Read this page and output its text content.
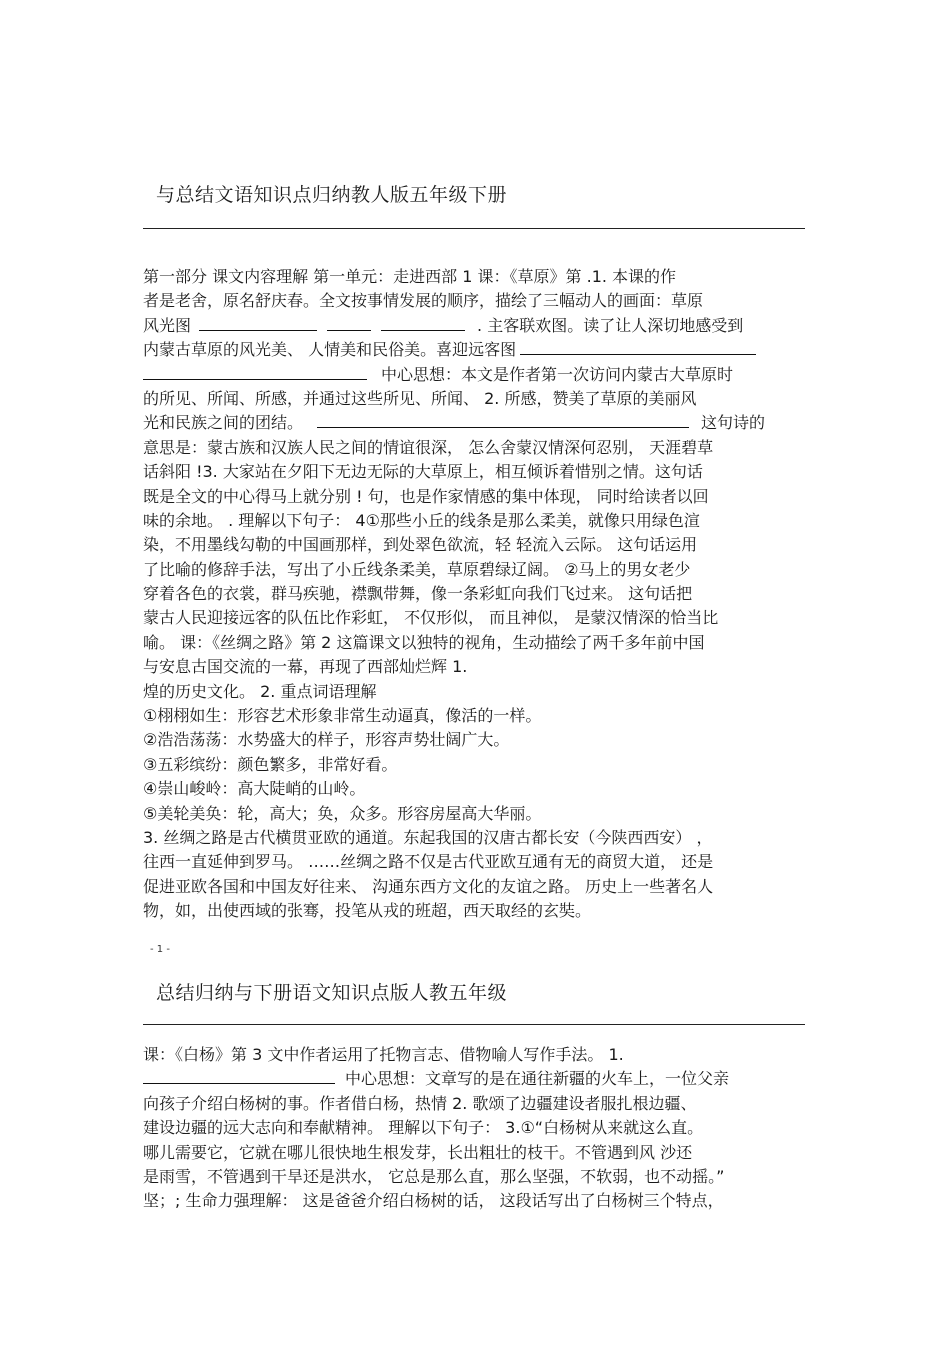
与总结文语知识点归纳教人版五年级下册
第一部分 课文内容理解 第一单元：走进西部 1 课：《草原》第 .1. 本课的作
者是老舍，原名舒庆春。全文按事情发展的顺序，描绘了三幅动人的画面：草原
风光图	. 主客联欢图。读了让人深切地感受到
内蒙古草原的风光美、 人情美和民俗美。喜迎远客图
中心思想：本文是作者第一次访问内蒙古大草原时
的所见、所闻、所感，并通过这些所见、所闻、 2. 所感，赞美了草原的美丽风
光和民族之间的团结。	这句诗的
意思是：蒙古族和汉族人民之间的情谊很深， 怎么舍蒙汉情深何忍别， 天涯碧草
话斜阳 !3. 大家站在夕阳下无边无际的大草原上，相互倾诉着惜别之情。这句话
既是全文的中心得马上就分别 ! 句，也是作家情感的集中体现， 同时给读者以回
味的余地。 . 理解以下句子： 4①那些小丘的线条是那么柔美，就像只用绿色渲
染，不用墨线勾勒的中国画那样，到处翠色欲流，轻 轻流入云际。 这句话运用
了比喻的修辞手法，写出了小丘线条柔美，草原碧绿辽阔。 ②马上的男女老少
穿着各色的衣裳，群马疾驰，襟飘带舞，像一条彩虹向我们飞过来。 这句话把
蒙古人民迎接远客的队伍比作彩虹， 不仅形似， 而且神似， 是蒙汉情深的恰当比
喻。 课：《丝绸之路》第 2 这篇课文以独特的视角，生动描绘了两千多年前中国
与安息古国交流的一幕，再现了西部灿烂辉 1.
煌的历史文化。 2. 重点词语理解
①栩栩如生：形容艺术形象非常生动逼真，像活的一样。
②浩浩荡荡：水势盛大的样子，形容声势壮阔广大。
③五彩缤纷：颜色繁多，非常好看。
④崇山峻岭：高大陡峭的山岭。
⑤美轮美奂：轮，高大；奂，众多。形容房屋高大华丽。
3. 丝绸之路是古代横贯亚欧的通道。东起我国的汉唐古都长安（今陕西西安） ，
往西一直延伸到罗马。 ……丝绸之路不仅是古代亚欧互通有无的商贸大道， 还是
促进亚欧各国和中国友好往来、 沟通东西方文化的友谊之路。 历史上一些著名人
物，如，出使西域的张骞，投笔从戎的班超，西天取经的玄奘。
- 1 -
总结归纳与下册语文知识点版人教五年级
课：《白杨》第 3 文中作者运用了托物言志、借物喻人写作手法。 1.
中心思想：文章写的是在通往新疆的火车上，一位父亲
向孩子介绍白杨树的事。作者借白杨，热情 2. 歌颂了边疆建设者服扎根边疆、
建设边疆的远大志向和奉献精神。 理解以下句子： 3.①“白杨树从来就这么直。
哪儿需要它，它就在哪儿很快地生根发芽，长出粗壮的枝干。不管遇到风 沙还
是雨雪，不管遇到干旱还是洪水， 它总是那么直，那么坚强，不软弱，也不动摇。”
坚；; 生命力强理解： 这是爸爸介绍白杨树的话， 这段话写出了白杨树三个特点，
